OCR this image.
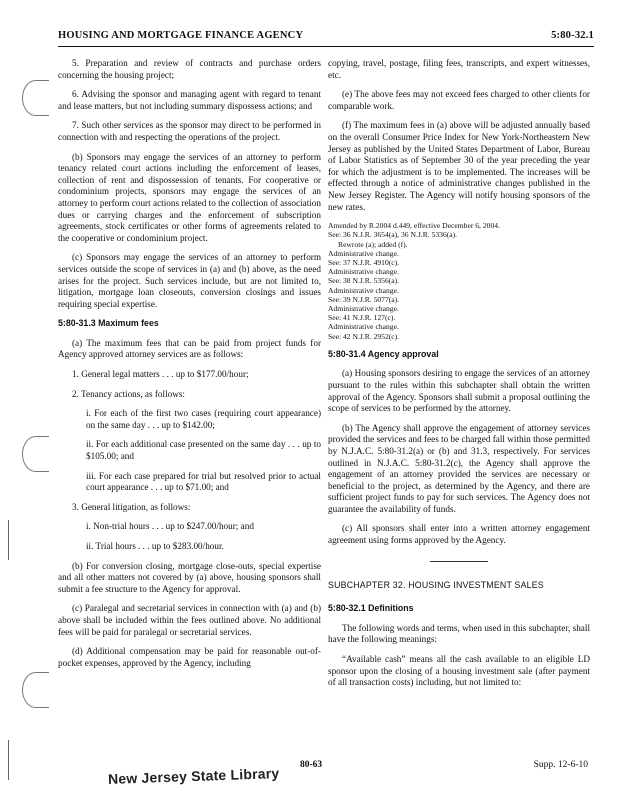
HOUSING AND MORTGAGE FINANCE AGENCY	5:80-32.1

5. Preparation and review of contracts and purchase orders concerning the housing project;

6. Advising the sponsor and managing agent with regard to tenant and lease matters, but not including summary dispossess actions; and

7. Such other services as the sponsor may direct to be performed in connection with and respecting the operations of the project.

(b) Sponsors may engage the services of an attorney to perform tenancy related court actions including the enforcement of leases, collection of rent and dispossession of tenants. For cooperative or condominium projects, sponsors may engage the services of an attorney to perform court actions related to the collection of association dues or carrying charges and the enforcement of subscription agreements, stock certificates or other forms of agreements related to the cooperative or condominium project.

(c) Sponsors may engage the services of an attorney to perform services outside the scope of services in (a) and (b) above, as the need arises for the project. Such services include, but are not limited to, litigation, mortgage loan closeouts, conversion closings and issues requiring special expertise.

5:80-31.3 Maximum fees

(a) The maximum fees that can be paid from project funds for Agency approved attorney services are as follows:

1. General legal matters . . . up to $177.00/hour;

2. Tenancy actions, as follows:

i. For each of the first two cases (requiring court appearance) on the same day . . . up to $142.00;

ii. For each additional case presented on the same day . . . up to $105.00; and

iii. For each case prepared for trial but resolved prior to actual court appearance . . . up to $71.00; and

3. General litigation, as follows:

i. Non-trial hours . . . up to $247.00/hour; and

ii. Trial hours . . . up to $283.00/hour.

(b) For conversion closing, mortgage close-outs, special expertise and all other matters not covered by (a) above, housing sponsors shall submit a fee structure to the Agency for approval.

(c) Paralegal and secretarial services in connection with (a) and (b) above shall be included within the fees outlined above. No additional fees will be paid for paralegal or secretarial services.

(d) Additional compensation may be paid for reasonable out-of-pocket expenses, approved by the Agency, including

copying, travel, postage, filing fees, transcripts, and expert witnesses, etc.

(e) The above fees may not exceed fees charged to other clients for comparable work.

(f) The maximum fees in (a) above will be adjusted annually based on the overall Consumer Price Index for New York-Northeastern New Jersey as published by the United States Department of Labor, Bureau of Labor Statistics as of September 30 of the year preceding the year for which the adjustment is to be implemented. The increases will be effected through a notice of administrative changes published in the New Jersey Register. The Agency will notify housing sponsors of the new rates.

Amended by R.2004 d.449, effective December 6, 2004.
See: 36 N.J.R. 3654(a), 36 N.J.R. 5336(a).
Rewrote (a); added (f).
Administrative change.
See: 37 N.J.R. 4910(c).
Administrative change.
See: 38 N.J.R. 5356(a).
Administrative change.
See: 39 N.J.R. 5077(a).
Administrative change.
See: 41 N.J.R. 127(c).
Administrative change.
See: 42 N.J.R. 2952(c).
5:80-31.4 Agency approval

(a) Housing sponsors desiring to engage the services of an attorney pursuant to the rules within this subchapter shall obtain the written approval of the Agency. Sponsors shall submit a proposal outlining the scope of services to be performed by the attorney.

(b) The Agency shall approve the engagement of attorney services provided the services and fees to be charged fall within those permitted by N.J.A.C. 5:80-31.2(a) or (b) and 31.3, respectively. For services outlined in N.J.A.C. 5:80-31.2(c), the Agency shall approve the engagement of an attorney provided the services are necessary or beneficial to the project, as determined by the Agency, and there are sufficient project funds to pay for such services. The Agency does not guarantee the availability of funds.

(c) All sponsors shall enter into a written attorney engagement agreement using forms approved by the Agency.

SUBCHAPTER 32. HOUSING INVESTMENT SALES

5:80-32.1 Definitions

The following words and terms, when used in this subchapter, shall have the following meanings:

“Available cash” means all the cash available to an eligible LD sponsor upon the closing of a housing investment sale (after payment of all transaction costs) including, but not limited to:

80-63	Supp. 12-6-10
New Jersey State Library
